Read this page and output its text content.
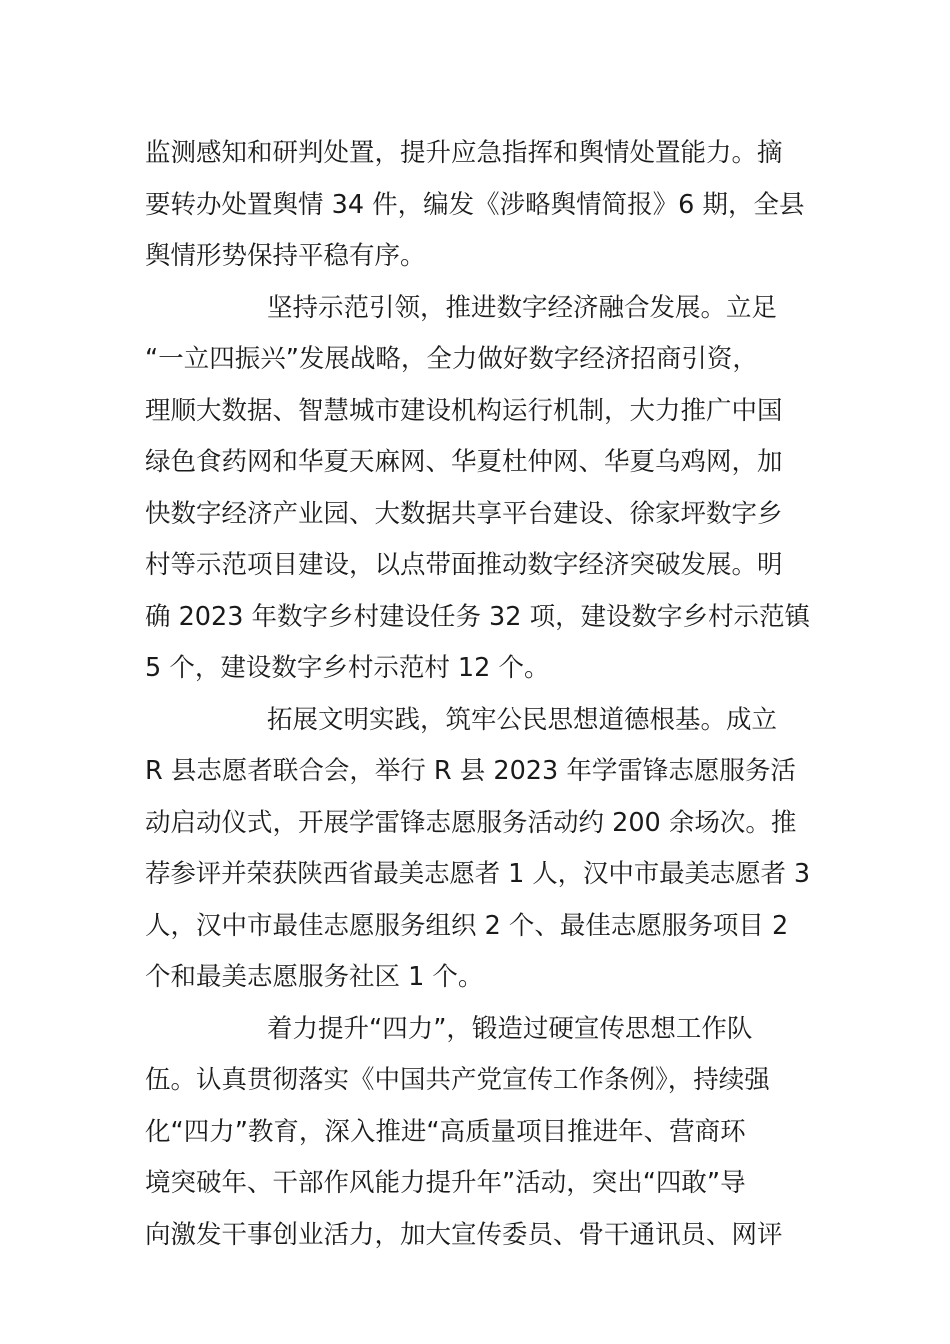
监测感知和研判处置，提升应急指挥和舆情处置能力。摘
要转办处置舆情 34 件，编发《涉略舆情简报》6 期，全县
舆情形势保持平稳有序。
坚持示范引领，推进数字经济融合发展。立足
“一立四振兴”发展战略，全力做好数字经济招商引资，
理顺大数据、智慧城市建设机构运行机制，大力推广中国
绿色食药网和华夏天麻网、华夏杜仲网、华夏乌鸡网，加
快数字经济产业园、大数据共享平台建设、徐家坪数字乡
村等示范项目建设，以点带面推动数字经济突破发展。明
确 2023 年数字乡村建设任务 32 项，建设数字乡村示范镇
5 个，建设数字乡村示范村 12 个。
拓展文明实践，筑牢公民思想道德根基。成立
R 县志愿者联合会，举行 R 县 2023 年学雷锋志愿服务活
动启动仪式，开展学雷锋志愿服务活动约 200 余场次。推
荐参评并荣获陕西省最美志愿者 1 人，汉中市最美志愿者 3
人，汉中市最佳志愿服务组织 2 个、最佳志愿服务项目 2
个和最美志愿服务社区 1 个。
着力提升“四力”，锻造过硬宣传思想工作队
伍。认真贯彻落实《中国共产党宣传工作条例》，持续强
化“四力”教育，深入推进“高质量项目推进年、营商环
境突破年、干部作风能力提升年”活动，突出“四敢”导
向激发干事创业活力，加大宣传委员、骨干通讯员、网评
